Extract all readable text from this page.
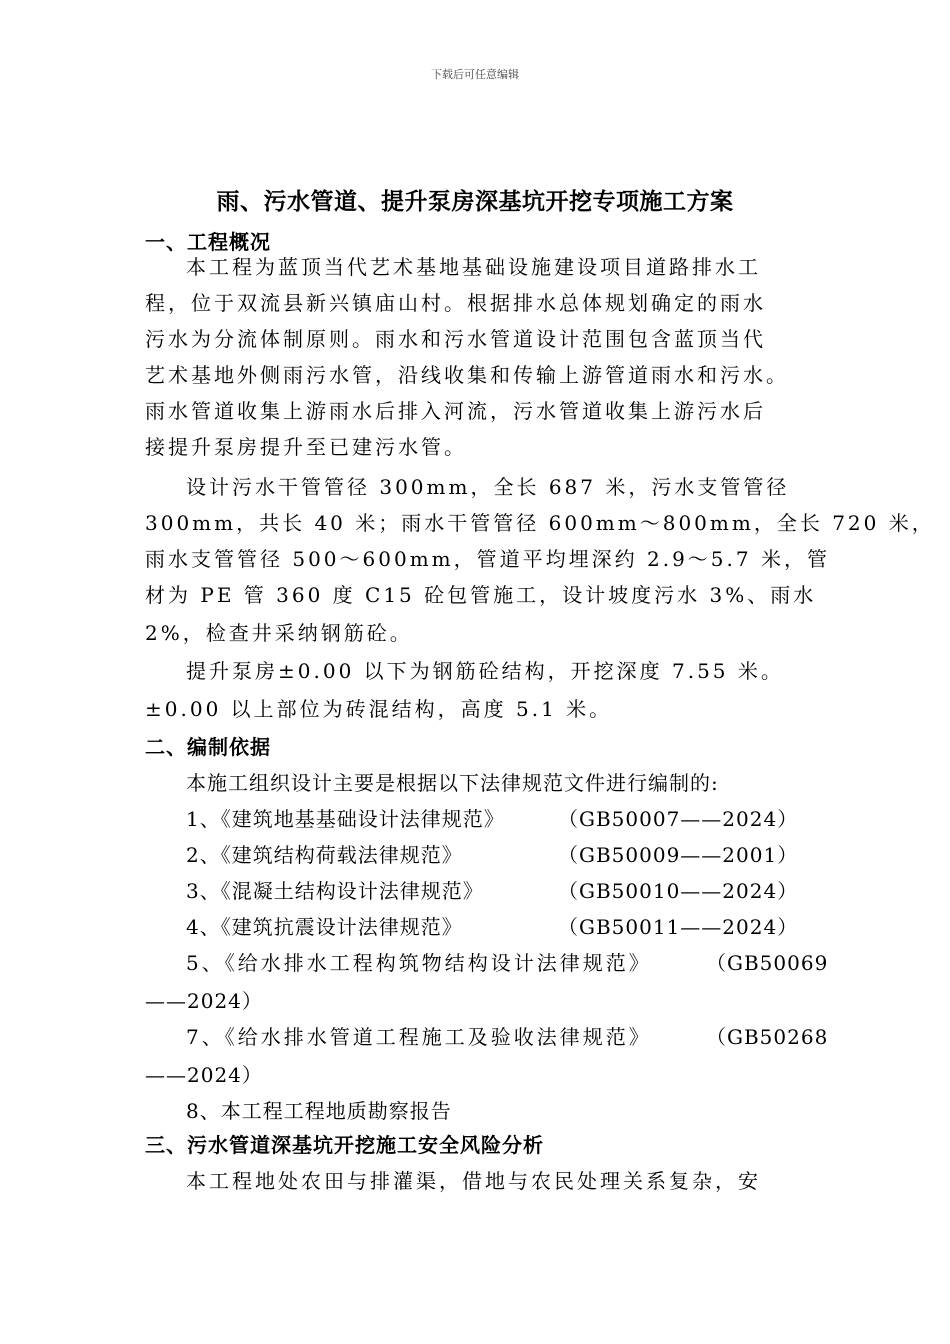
下载后可任意编辑
雨、污水管道、提升泵房深基坑开挖专项施工方案
一、工程概况
本工程为蓝顶当代艺术基地基础设施建设项目道路排水工
程，位于双流县新兴镇庙山村。根据排水总体规划确定的雨水
污水为分流体制原则。雨水和污水管道设计范围包含蓝顶当代
艺术基地外侧雨污水管，沿线收集和传输上游管道雨水和污水。
雨水管道收集上游雨水后排入河流，污水管道收集上游污水后
接提升泵房提升至已建污水管。
设计污水干管管径 300mm，全长 687 米，污水支管管径
300mm，共长 40 米；雨水干管管径 600mm～800mm，全长 720 米，
雨水支管管径 500～600mm，管道平均埋深约 2.9～5.7 米，管
材为 PE 管 360 度 C15 砼包管施工，设计坡度污水 3%、雨水
2%，检查井采纳钢筋砼。
提升泵房±0.00 以下为钢筋砼结构，开挖深度 7.55 米。
±0.00 以上部位为砖混结构，高度 5.1 米。
二、编制依据
本施工组织设计主要是根据以下法律规范文件进行编制的:
1、《建筑地基基础设计法律规范》	（GB50007——2024）
2、《建筑结构荷载法律规范》	（GB50009——2001）
3、《混凝土结构设计法律规范》	（GB50010——2024）
4、《建筑抗震设计法律规范》	（GB50011——2024）
5、《给水排水工程构筑物结构设计法律规范》	（GB50069
——2024）
7、《给水排水管道工程施工及验收法律规范》	（GB50268
——2024）
8、本工程工程地质勘察报告
三、污水管道深基坑开挖施工安全风险分析
本工程地处农田与排灌渠，借地与农民处理关系复杂，安
